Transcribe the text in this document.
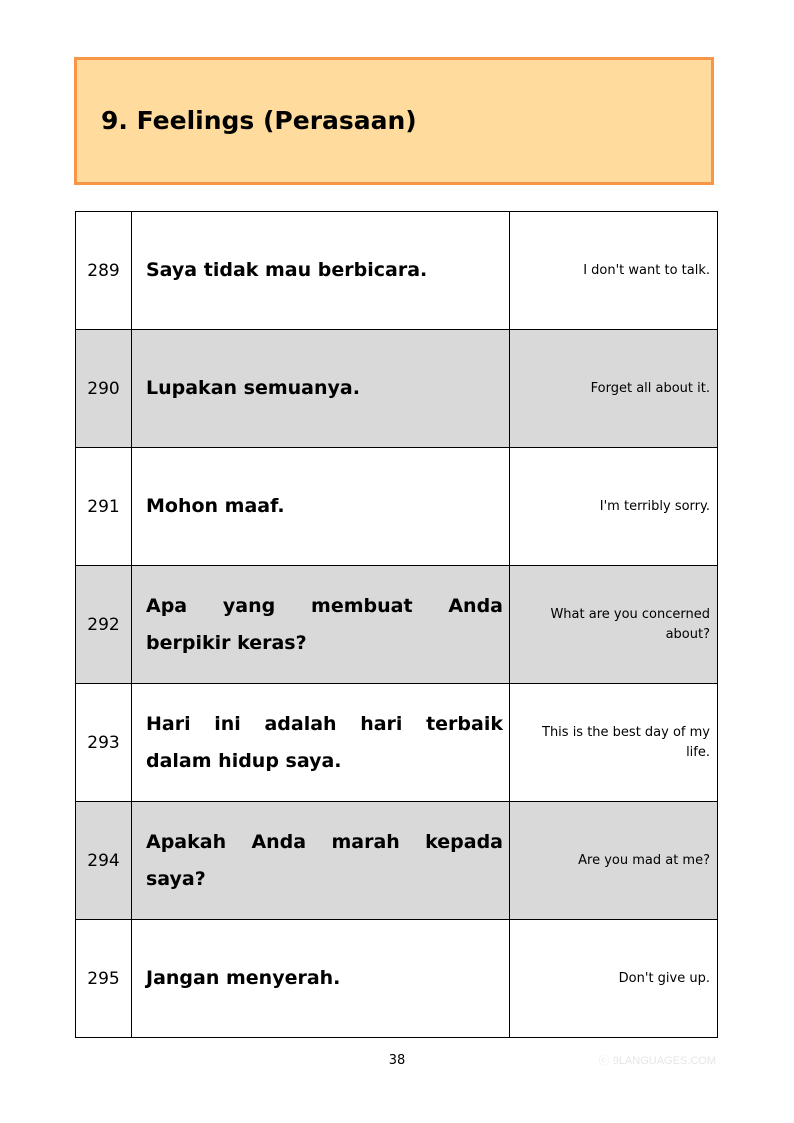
9. Feelings (Perasaan)
289	Saya tidak mau berbicara.	I don't want to talk.
290	Lupakan semuanya.	Forget all about it.
291	Mohon maaf.	I'm terribly sorry.
292	Apa yang membuat Anda berpikir keras?	What are you concerned about?
293	Hari ini adalah hari terbaik dalam hidup saya.	This is the best day of my life.
294	Apakah Anda marah kepada saya?	Are you mad at me?
295	Jangan menyerah.	Don't give up.
38	ⓒ 9LANGUAGES.COM
